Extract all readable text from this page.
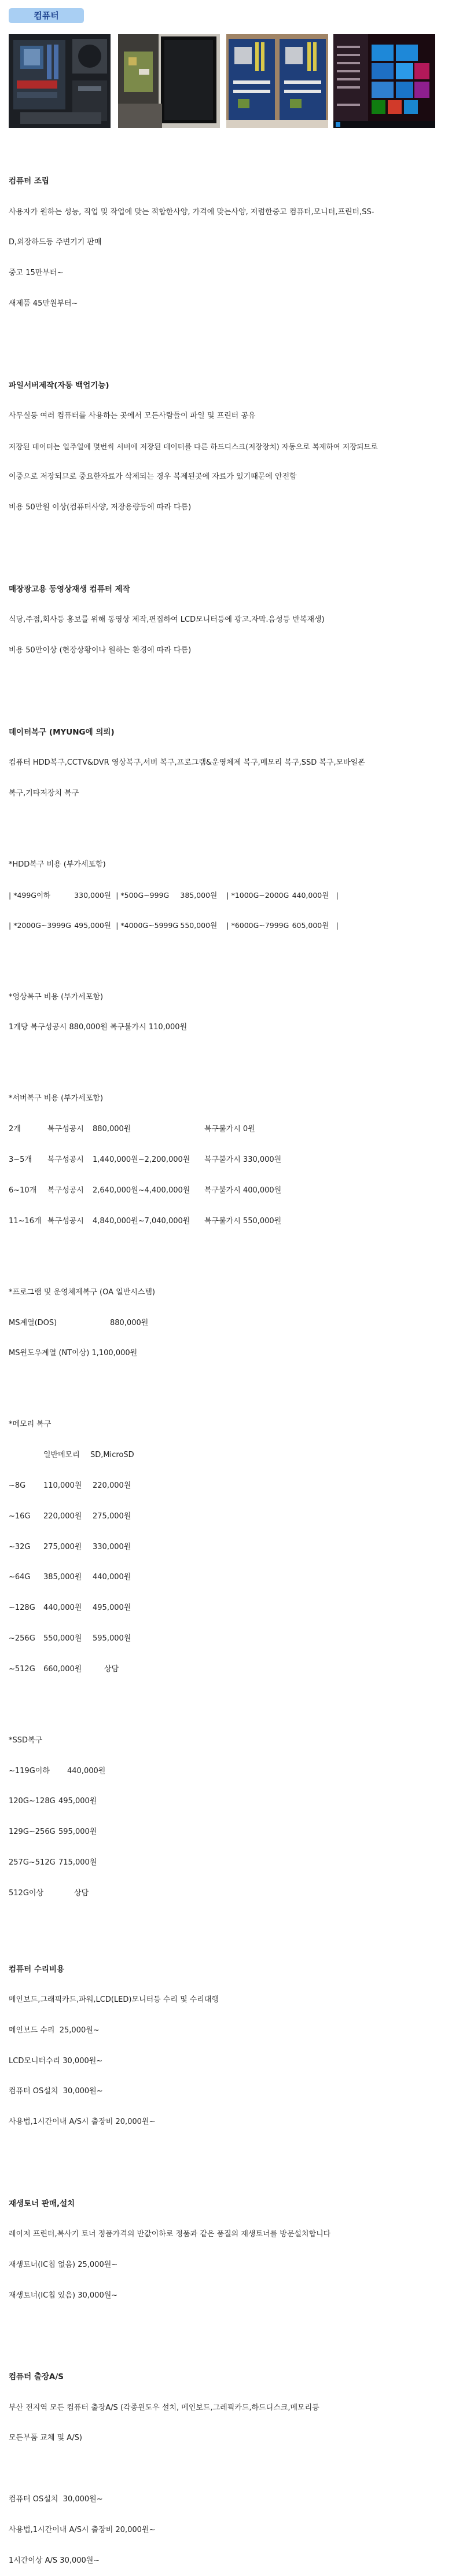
컴퓨터

컴퓨터 조립

사용자가 원하는 성능, 직업 및 작업에 맞는 적합한사양, 가격에 맞는사양, 저렴한중고 컴퓨터,모니터,프린터,SS-

D,외장하드등 주변기기 판매

중고 15만부터~

새제품 45만원부터~

파일서버제작(자동 백업기능)

사무실등 여러 컴퓨터를 사용하는 곳에서 모든사람들이 파일 및 프린터 공유

저장된 데이터는 일주일에 몇번씩 서버에 저장된 데이터를 다른 하드디스크(저장장치) 자동으로 복제하여 저장되므로

이중으로 저장되므로 중요한자료가 삭제되는 경우 복제된곳에 자료가 있기때문에 안전함

비용 50만원 이상(컴퓨터사양, 저장용량등에 따라 다름)

매장광고용 동영상재생 컴퓨터 제작

식당,주점,회사등 홍보를 위해 동영상 제작,편집하여 LCD모니터등에 광고.자막.음성등 반복재생)

비용 50만이상 (현장상황이나 원하는 환경에 따라 다름)

데이터복구 (MYUNG에 의뢰)

컴퓨터 HDD복구,CCTV&DVR 영상복구,서버 복구,프로그램&운영체제 복구,메모리 복구,SSD 복구,모바일폰

복구,기타저장치 복구

*HDD복구 비용 (부가세포함)

| *499G이하	330,000원 | *500G~999G 385,000원 | *1000G~2000G 440,000원 |

| *2000G~3999G 495,000원 | *4000G~5999G 550,000원 | *6000G~7999G 605,000원 |

*영상복구 비용 (부가세포함)

1개당 복구성공시 880,000원 복구불가시 110,000원

*서버복구 비용 (부가세포함)

2개	복구성공시 880,000원	복구불가시 0원

3~5개 복구성공시 1,440,000원~2,200,000원 복구불가시 330,000원

6~10개 복구성공시 2,640,000원~4,400,000원 복구불가시 400,000원

11~16개 복구성공시 4,840,000원~7,040,000원 복구불가시 550,000원

*프로그램 및 운영체제복구 (OA 일반시스템)

MS계열(DOS)	880,000원

MS윈도우계열 (NT이상) 1,100,000원

*메모리 복구

일반메모리 SD,MicroSD

~8G 110,000원 220,000원

~16G 220,000원 275,000원

~32G 275,000원 330,000원

~64G 385,000원 440,000원

~128G 440,000원 495,000원

~256G 550,000원 595,000원

~512G 660,000원	상담

*SSD복구

~119G이하 440,000원

120G~128G 495,000원

129G~256G 595,000원

257G~512G 715,000원

512G이상	상담

컴퓨터 수리비용

메인보드,그래픽카드,파워,LCD(LED)모니터등 수리 및 수리대행

메인보드 수리  25,000원~

LCD모니터수리 30,000원~

컴퓨터 OS설치  30,000원~

사용법,1시간이내 A/S시 출장비 20,000원~

재생토너 판매,설치

레이저 프린터,복사기 토너 정품가격의 반값이하로 정품과 같은 품질의 재생토너를 방문설치합니다

재생토너(IC칩 없음) 25,000원~

재생토너(IC칩 있음) 30,000원~

컴퓨터 출장A/S

부산 전지역 모든 컴퓨터 출장A/S (각종윈도우 설치, 메인보드,그레픽카드,하드디스크,메모리등

모든부품 교체 및 A/S)

컴퓨터 OS설치  30,000원~

사용법,1시간이내 A/S시 출장비 20,000원~

1시간이상 A/S 30,000원~
